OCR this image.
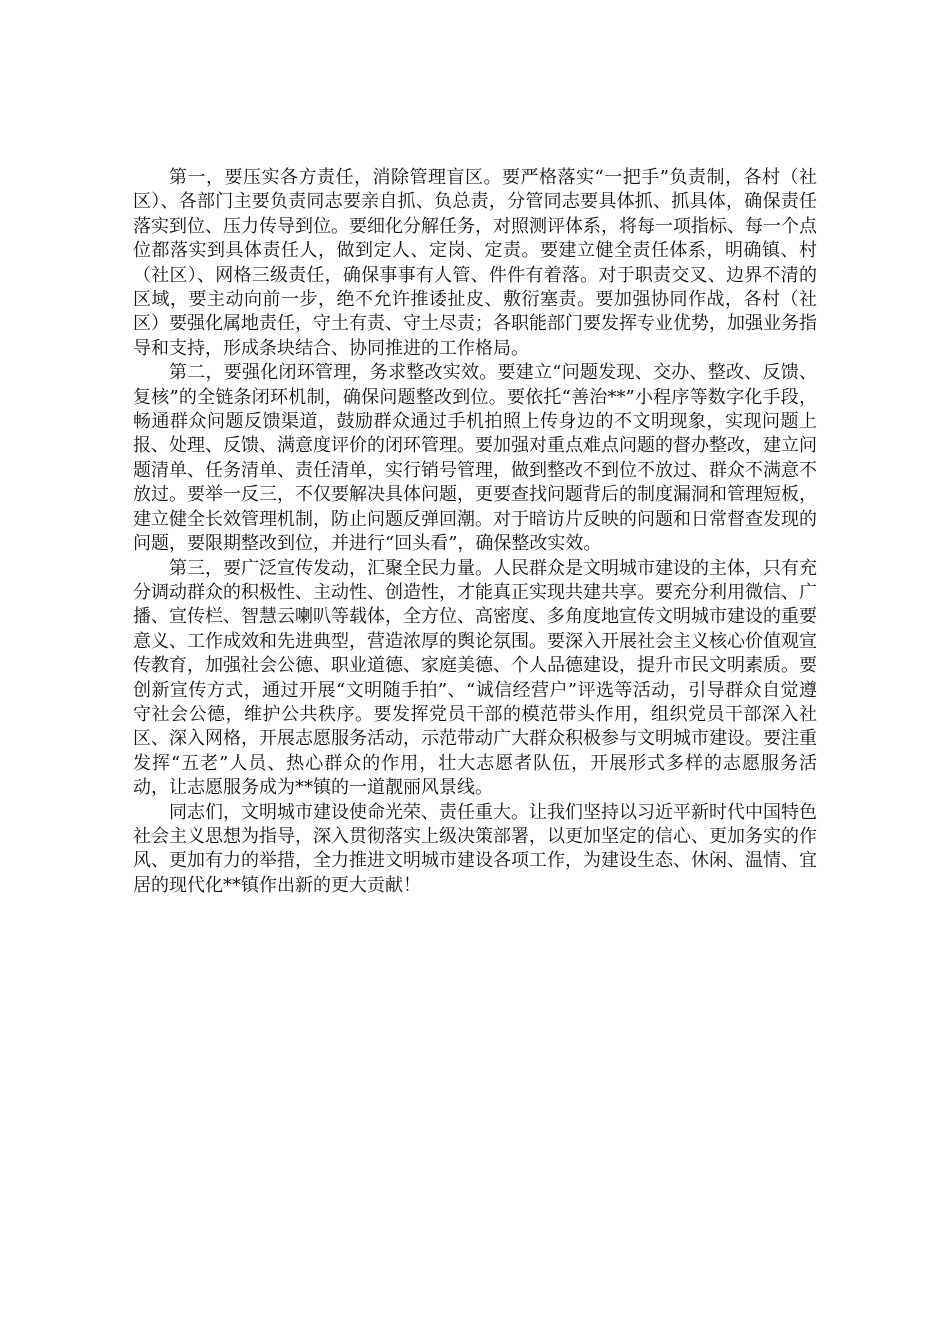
第一，要压实各方责任，消除管理盲区。要严格落实“一把手”负责制，各村（社区）、各部门主要负责同志要亲自抓、负总责，分管同志要具体抓、抓具体，确保责任落实到位、压力传导到位。要细化分解任务，对照测评体系，将每一项指标、每一个点位都落实到具体责任人，做到定人、定岗、定责。要建立健全责任体系，明确镇、村（社区）、网格三级责任，确保事事有人管、件件有着落。对于职责交叉、边界不清的区域，要主动向前一步，绝不允许推诿扯皮、敷衍塞责。要加强协同作战，各村（社区）要强化属地责任，守土有责、守土尽责；各职能部门要发挥专业优势，加强业务指导和支持，形成条块结合、协同推进的工作格局。

第二，要强化闭环管理，务求整改实效。要建立“问题发现、交办、整改、反馈、复核”的全链条闭环机制，确保问题整改到位。要依托“善治**”小程序等数字化手段，畅通群众问题反馈渠道，鼓励群众通过手机拍照上传身边的不文明现象，实现问题上报、处理、反馈、满意度评价的闭环管理。要加强对重点难点问题的督办整改，建立问题清单、任务清单、责任清单，实行销号管理，做到整改不到位不放过、群众不满意不放过。要举一反三，不仅要解决具体问题，更要查找问题背后的制度漏洞和管理短板，建立健全长效管理机制，防止问题反弹回潮。对于暗访片反映的问题和日常督查发现的问题，要限期整改到位，并进行“回头看”，确保整改实效。

第三，要广泛宣传发动，汇聚全民力量。人民群众是文明城市建设的主体，只有充分调动群众的积极性、主动性、创造性，才能真正实现共建共享。要充分利用微信、广播、宣传栏、智慧云喇叭等载体，全方位、高密度、多角度地宣传文明城市建设的重要意义、工作成效和先进典型，营造浓厚的舆论氛围。要深入开展社会主义核心价值观宣传教育，加强社会公德、职业道德、家庭美德、个人品德建设，提升市民文明素质。要创新宣传方式，通过开展“文明随手拍”、“诚信经营户”评选等活动，引导群众自觉遵守社会公德，维护公共秩序。要发挥党员干部的模范带头作用，组织党员干部深入社区、深入网格，开展志愿服务活动，示范带动广大群众积极参与文明城市建设。要注重发挥“五老”人员、热心群众的作用，壮大志愿者队伍，开展形式多样的志愿服务活动，让志愿服务成为**镇的一道靓丽风景线。

同志们，文明城市建设使命光荣、责任重大。让我们坚持以习近平新时代中国特色社会主义思想为指导，深入贯彻落实上级决策部署，以更加坚定的信心、更加务实的作风、更加有力的举措，全力推进文明城市建设各项工作，为建设生态、休闲、温情、宜居的现代化**镇作出新的更大贡献！
